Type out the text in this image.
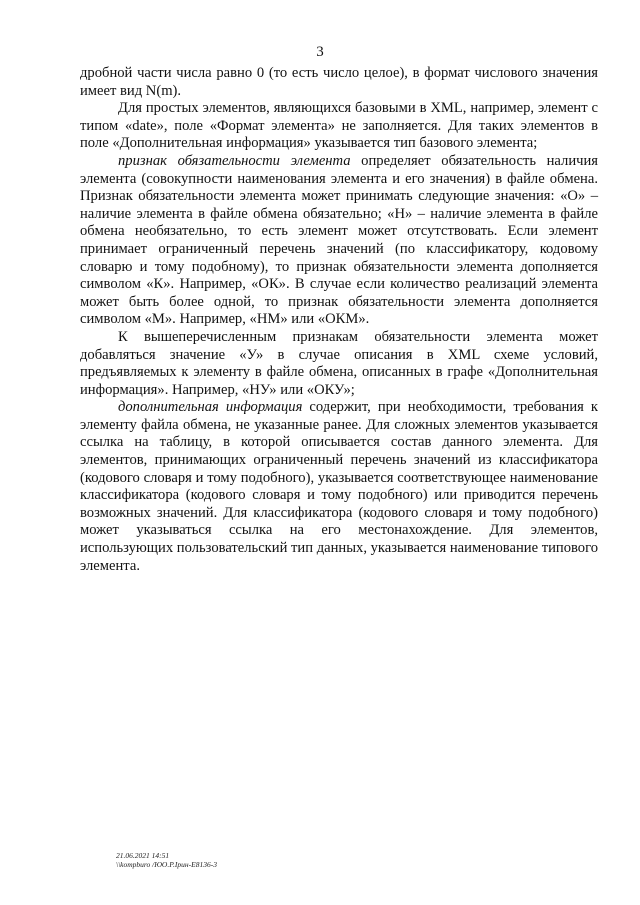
3

дробной части числа равно 0 (то есть число целое), в формат числового значения имеет вид N(m).

Для простых элементов, являющихся базовыми в XML, например, элемент с типом «date», поле «Формат элемента» не заполняется. Для таких элементов в поле «Дополнительная информация» указывается тип базового элемента;

признак обязательности элемента определяет обязательность наличия элемента (совокупности наименования элемента и его значения) в файле обмена. Признак обязательности элемента может принимать следующие значения: «О» – наличие элемента в файле обмена обязательно; «Н» – наличие элемента в файле обмена необязательно, то есть элемент может отсутствовать. Если элемент принимает ограниченный перечень значений (по классификатору, кодовому словарю и тому подобному), то признак обязательности элемента дополняется символом «К». Например, «ОК». В случае если количество реализаций элемента может быть более одной, то признак обязательности элемента дополняется символом «М». Например, «НМ» или «ОКМ».

К вышеперечисленным признакам обязательности элемента может добавляться значение «У» в случае описания в XML схеме условий, предъявляемых к элементу в файле обмена, описанных в графе «Дополнительная информация». Например, «НУ» или «ОКУ»;

дополнительная информация содержит, при необходимости, требования к элементу файла обмена, не указанные ранее. Для сложных элементов указывается ссылка на таблицу, в которой описывается состав данного элемента. Для элементов, принимающих ограниченный перечень значений из классификатора (кодового словаря и тому подобного), указывается соответствующее наименование классификатора (кодового словаря и тому подобного) или приводится перечень возможных значений. Для классификатора (кодового словаря и тому подобного) может указываться ссылка на его местонахождение. Для элементов, использующих пользовательский тип данных, указывается наименование типового элемента.

21.06.2021 14:51
\\kompburo /ЮО.Р.Ірин-Е8136-3
